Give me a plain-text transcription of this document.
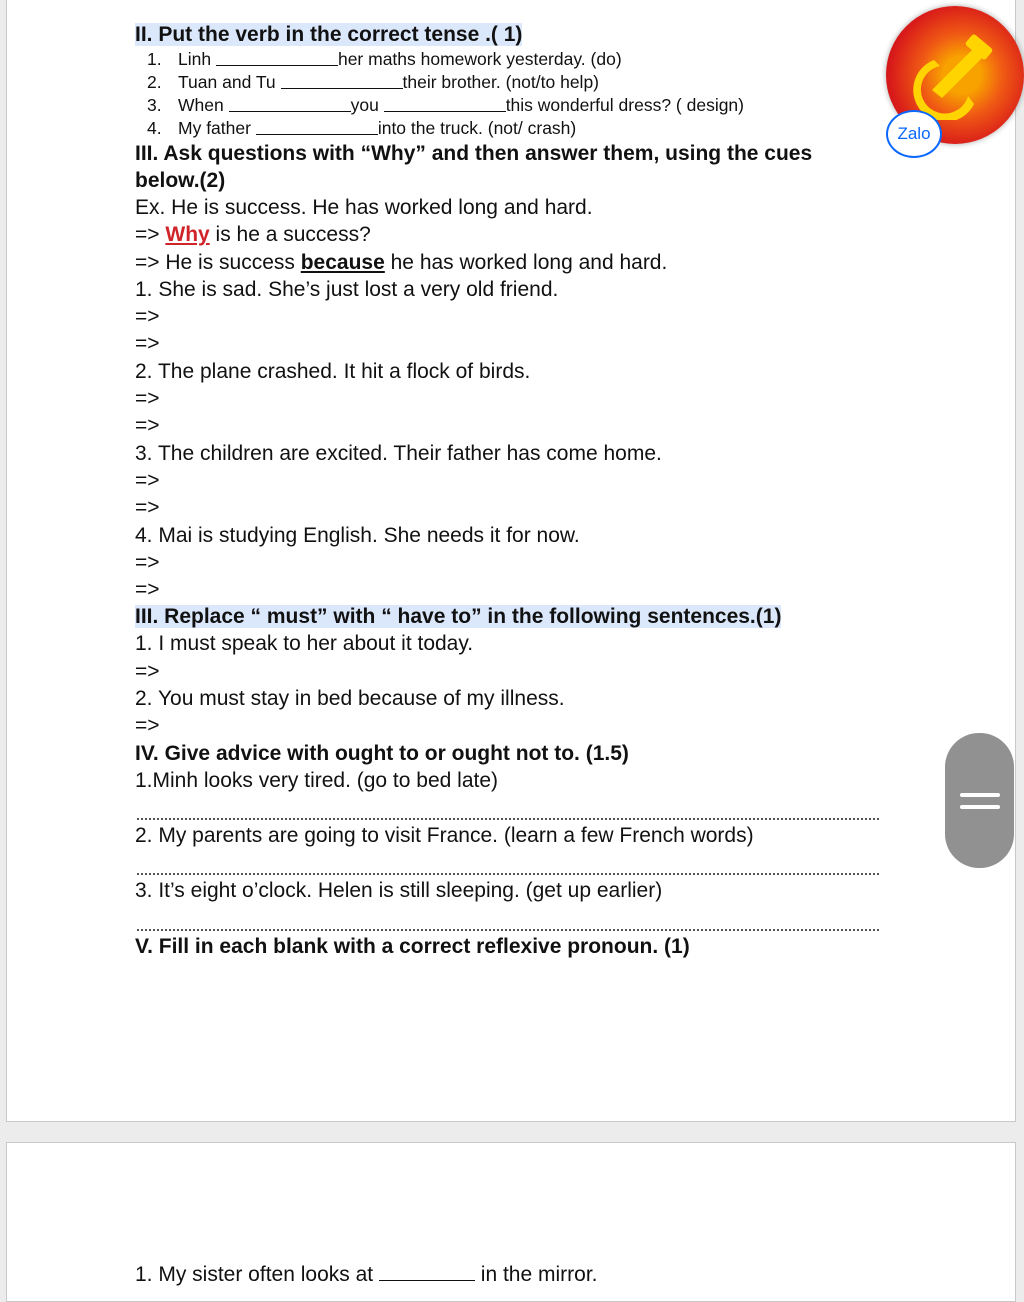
II. Put the verb in the correct tense .( 1)

1. Linh
	her maths homework yesterday. (do)
2. Tuan and Tu
	their brother. (not/to help)
3. When
	you
	this wonderful dress? ( design)
4. My father
	into the truck. (not/ crash)

III. Ask questions with “Why” and then answer them, using the cues

below.(2)

Ex. He is success. He has worked long and hard.

=> Why is he a success?

=> He is success because he has worked long and hard.

1. She is sad. She’s just lost a very old friend.

=>

=>

2. The plane crashed. It hit a flock of birds.

=>

=>

3. The children are excited. Their father has come home.

=>

=>

4. Mai is studying English. She needs it for now.

=>

=>

III. Replace “ must” with “ have to” in the following sentences.(1)

1. I must speak to her about it today.

=>

2. You must stay in bed because of my illness.

=>

IV. Give advice with ought to or ought not to. (1.5)

1.Minh looks very tired. (go to bed late)

2. My parents are going to visit France. (learn a few French words)

3. It’s eight o’clock. Helen is still sleeping. (get up earlier)

V. Fill in each blank with a correct reflexive pronoun. (1)

1. My sister often looks at	in the mirror.
Zalo
